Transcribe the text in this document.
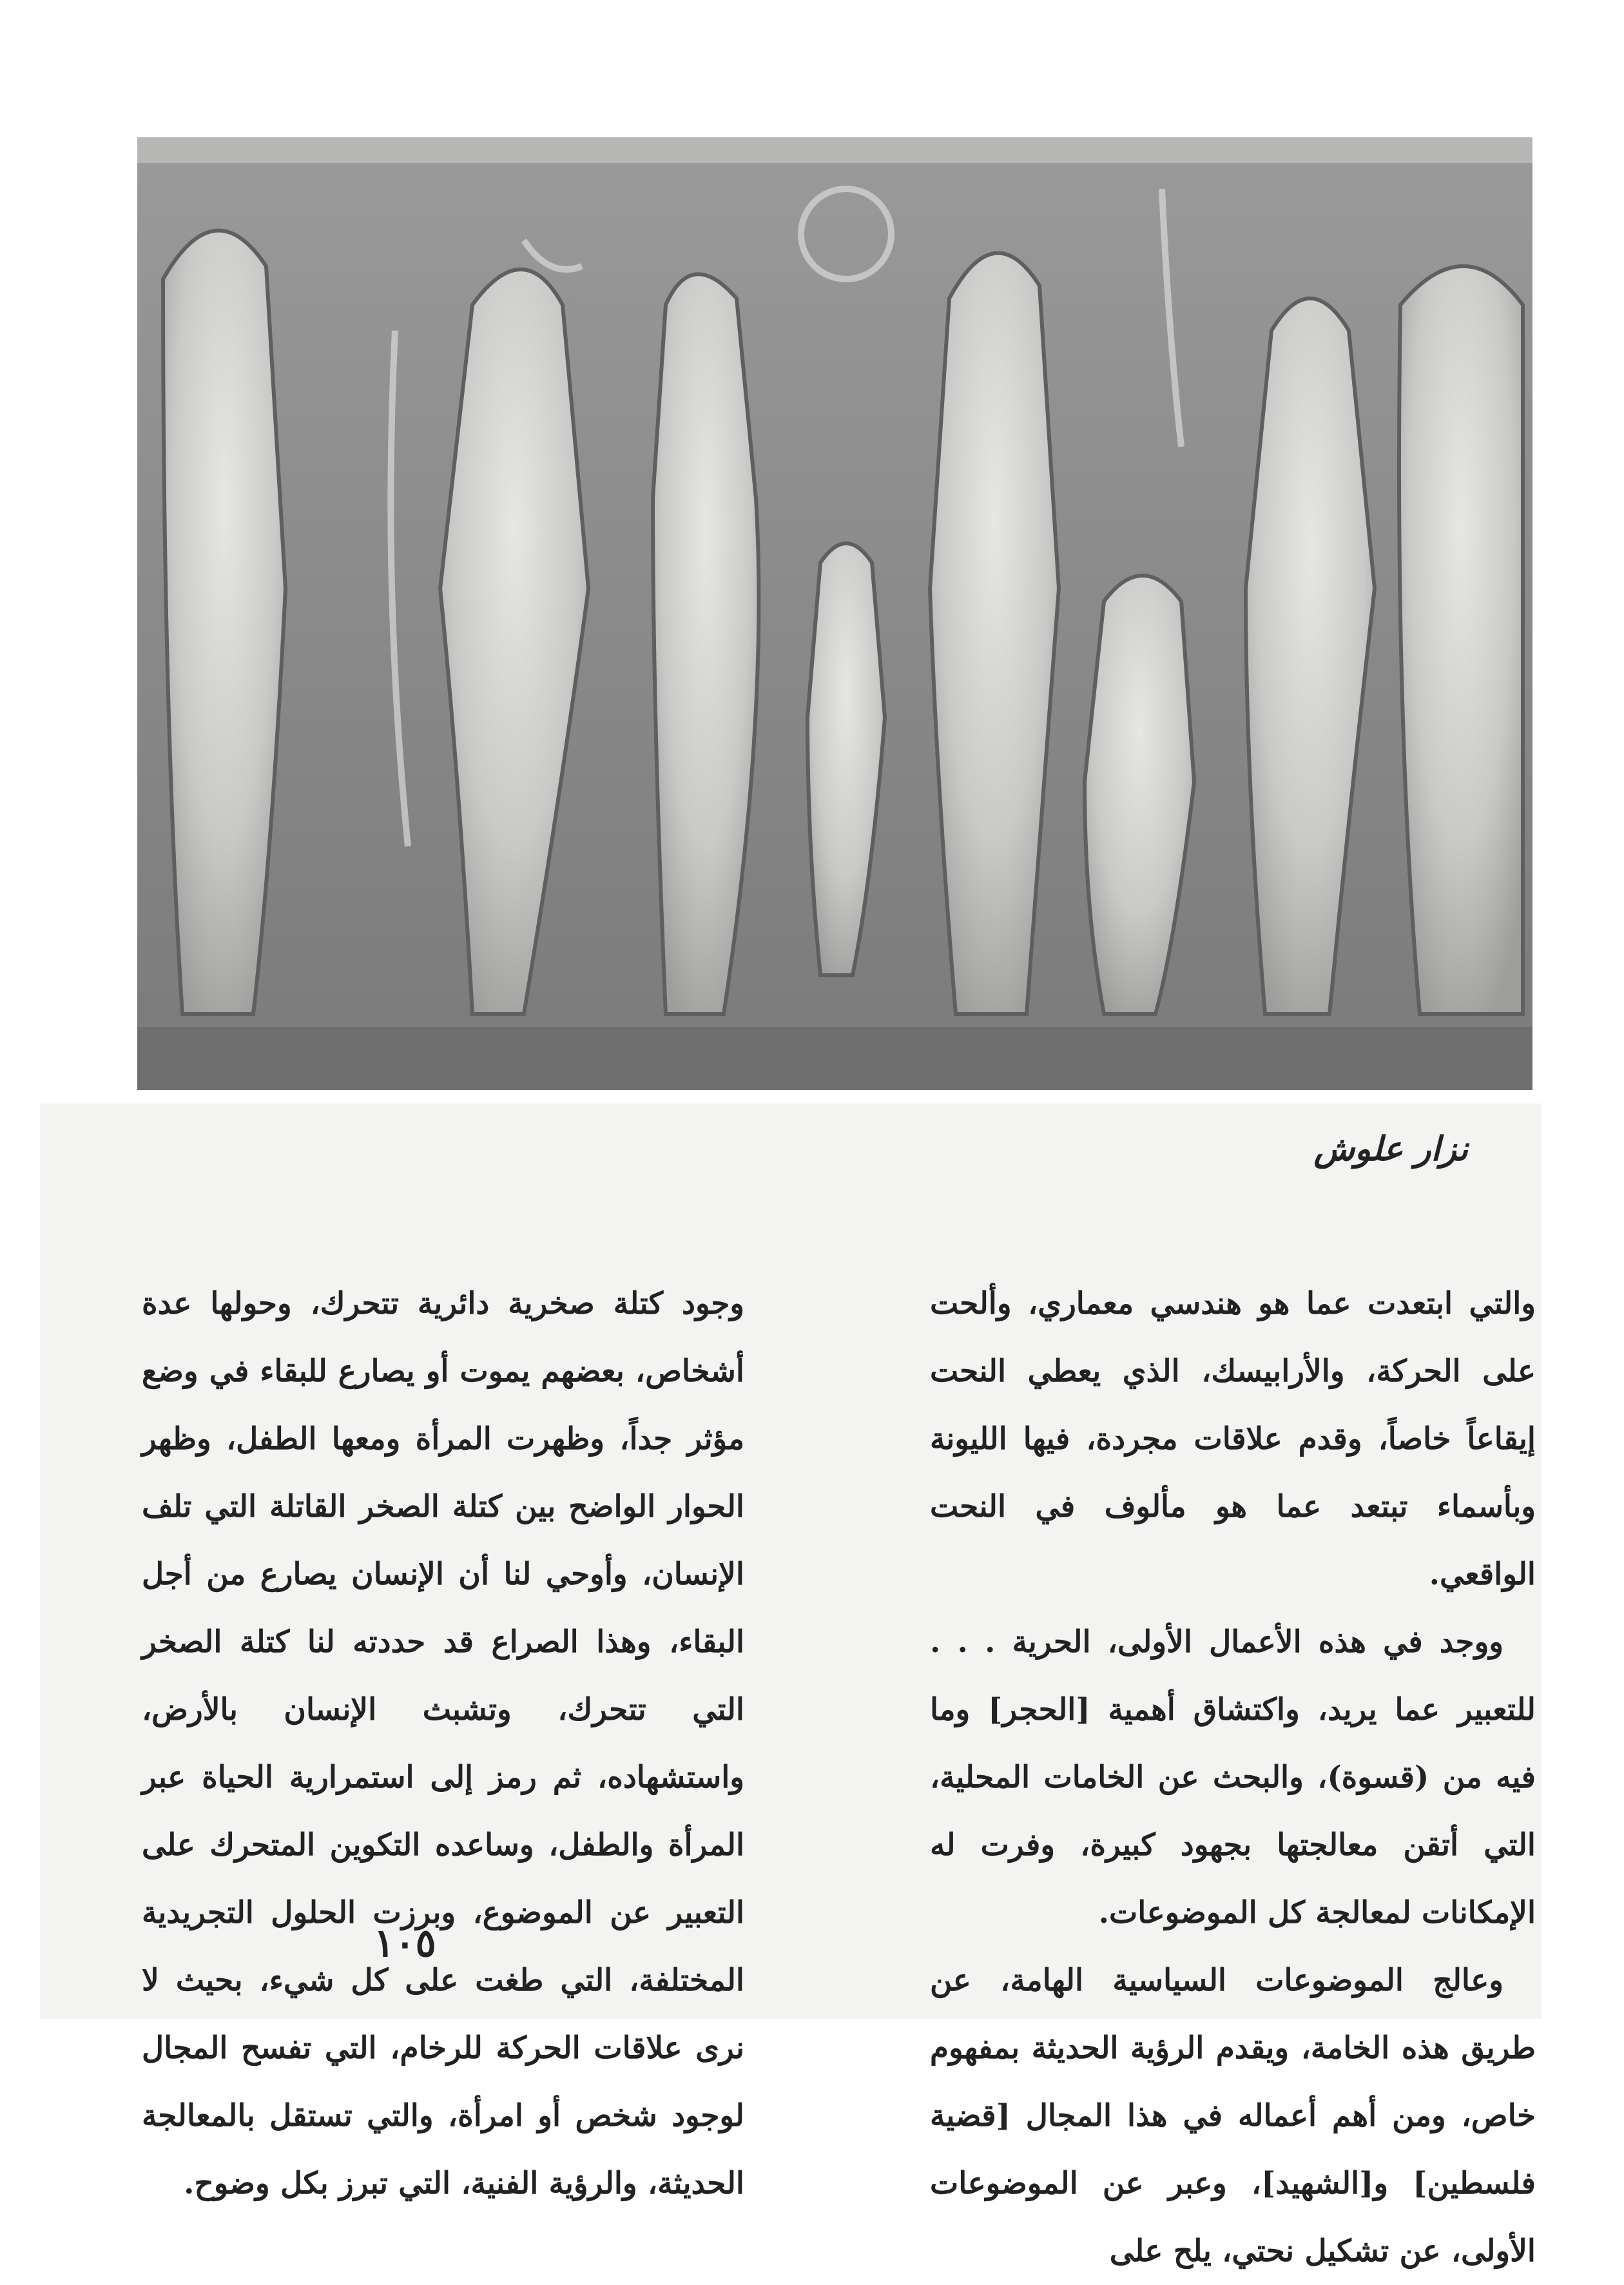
نزار علوش

والتي ابتعدت عما هو هندسي معماري، وألحت على الحركة، والأرابيسك، الذي يعطي النحت إيقاعاً خاصاً، وقدم علاقات مجردة، فيها الليونة وبأسماء تبتعد عما هو مألوف في النحت الواقعي.

ووجد في هذه الأعمال الأولى، الحرية . . . للتعبير عما يريد، واكتشاق أهمية [الحجر] وما فيه من (قسوة)، والبحث عن الخامات المحلية، التي أتقن معالجتها بجهود كبيرة، وفرت له الإمكانات لمعالجة كل الموضوعات.

وعالج الموضوعات السياسية الهامة، عن طريق هذه الخامة، ويقدم الرؤية الحديثة بمفهوم خاص، ومن أهم أعماله في هذا المجال [قضية فلسطين] و[الشهيد]، وعبر عن الموضوعات الأولى، عن تشكيل نحتي، يلح على

وجود كتلة صخرية دائرية تتحرك، وحولها عدة أشخاص، بعضهم يموت أو يصارع للبقاء في وضع مؤثر جداً، وظهرت المرأة ومعها الطفل، وظهر الحوار الواضح بين كتلة الصخر القاتلة التي تلف الإنسان، وأوحي لنا أن الإنسان يصارع من أجل البقاء، وهذا الصراع قد حددته لنا كتلة الصخر التي تتحرك، وتشبث الإنسان بالأرض، واستشهاده، ثم رمز إلى استمرارية الحياة عبر المرأة والطفل، وساعده التكوين المتحرك على التعبير عن الموضوع، وبرزت الحلول التجريدية المختلفة، التي طغت على كل شيء، بحيث لا نرى علاقات الحركة للرخام، التي تفسح المجال لوجود شخص أو امرأة، والتي تستقل بالمعالجة الحديثة، والرؤية الفنية، التي تبرز بكل وضوح.

١٠٥
